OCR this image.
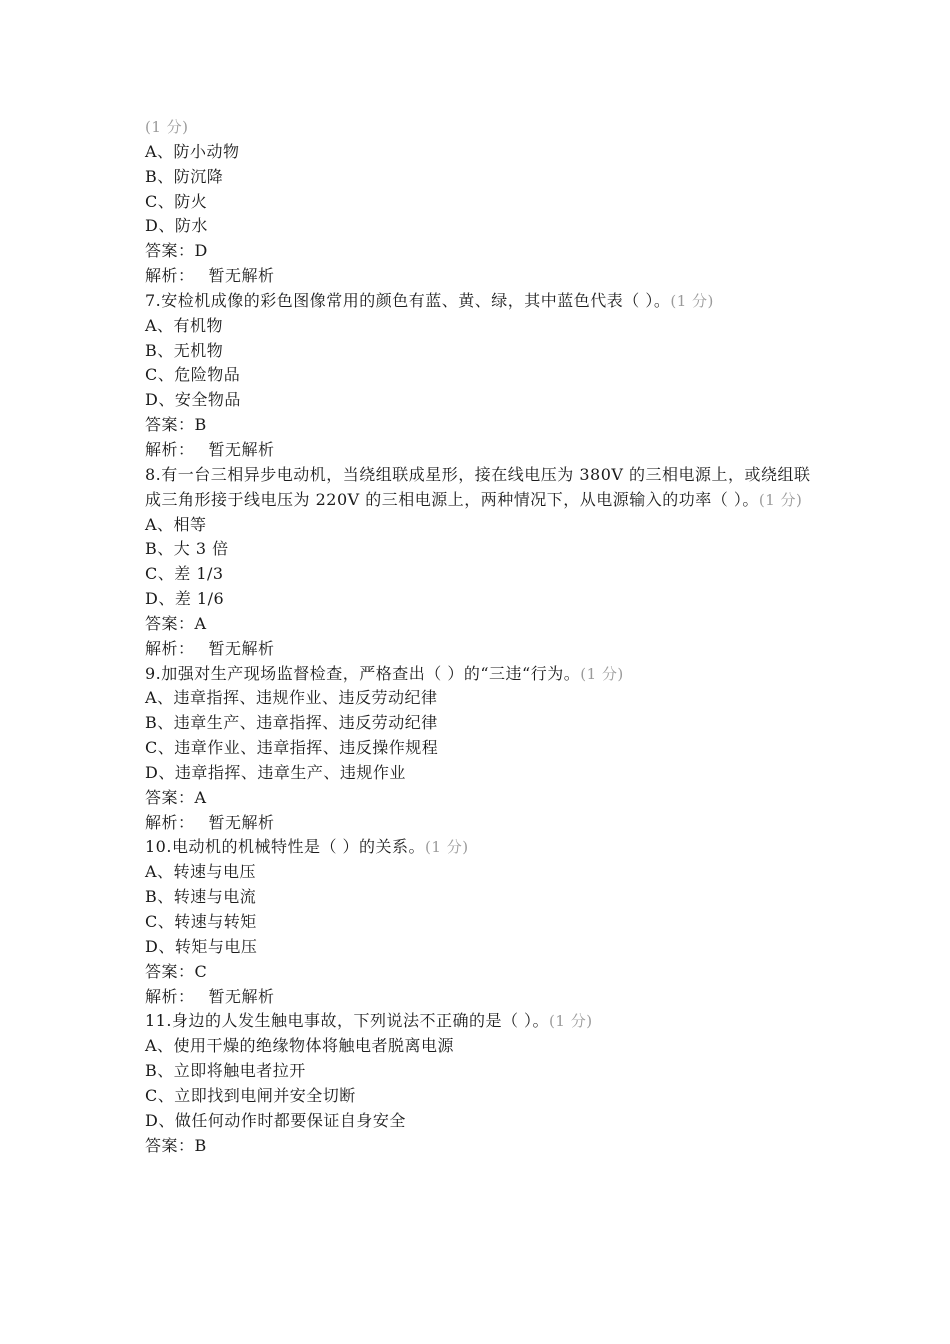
(1 分)
A、防小动物
B、防沉降
C、防火
D、防水
答案：D
解析： 暂无解析
7.安检机成像的彩色图像常用的颜色有蓝、黄、绿，其中蓝色代表（ ）。(1 分)
A、有机物
B、无机物
C、危险物品
D、安全物品
答案：B
解析： 暂无解析
8.有一台三相异步电动机，当绕组联成星形，接在线电压为 380V 的三相电源上，或绕组联成三角形接于线电压为 220V 的三相电源上，两种情况下，从电源输入的功率（ ）。(1 分)
A、相等
B、大 3 倍
C、差 1/3
D、差 1/6
答案：A
解析： 暂无解析
9.加强对生产现场监督检查，严格查出（ ）的“三违“行为。(1 分)
A、违章指挥、违规作业、违反劳动纪律
B、违章生产、违章指挥、违反劳动纪律
C、违章作业、违章指挥、违反操作规程
D、违章指挥、违章生产、违规作业
答案：A
解析： 暂无解析
10.电动机的机械特性是（ ）的关系。(1 分)
A、转速与电压
B、转速与电流
C、转速与转矩
D、转矩与电压
答案：C
解析： 暂无解析
11.身边的人发生触电事故，下列说法不正确的是（ ）。(1 分)
A、使用干燥的绝缘物体将触电者脱离电源
B、立即将触电者拉开
C、立即找到电闸并安全切断
D、做任何动作时都要保证自身安全
答案：B
